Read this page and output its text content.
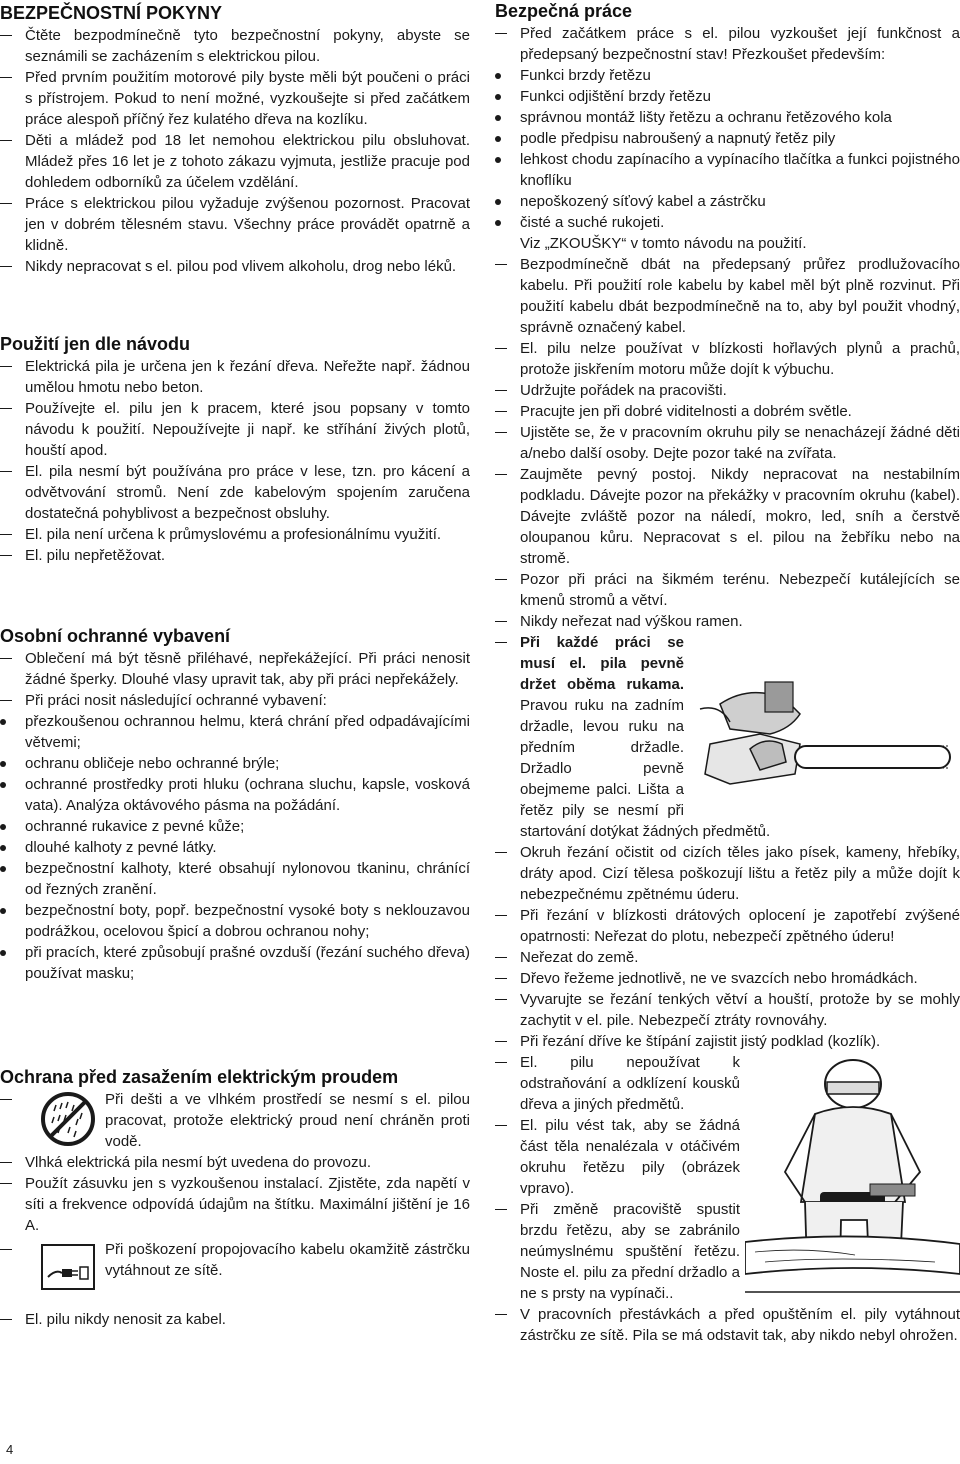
BEZPEČNOSTNÍ POKYNY
Čtěte bezpodmínečně tyto bezpečnostní pokyny, abyste se seznámili se zacházením s elektrickou pilou.
Před prvním použitím motorové pily byste měli být poučeni o práci s přístrojem. Pokud to není možné, vyzkoušejte si před začátkem práce alespoň příčný řez kulatého dřeva na kozlíku.
Děti a mládež pod 18 let nemohou elektrickou pilu obsluhovat. Mládež přes 16 let je z tohoto zákazu vyjmuta, jestliže pracuje pod dohledem odborníků za účelem vzdělání.
Práce s elektrickou pilou vyžaduje zvýšenou pozornost. Pracovat jen v dobrém tělesném stavu. Všechny práce provádět opatrně a klidně.
Nikdy nepracovat s el. pilou pod vlivem alkoholu, drog nebo léků.
Použití jen dle návodu
Elektrická pila je určena jen k řezání dřeva. Neřežte např. žádnou umělou hmotu nebo beton.
Používejte el. pilu jen k pracem, které jsou popsany v tomto návodu k použití. Nepoužívejte ji např. ke stříhání živých plotů, houští apod.
El. pila nesmí být používána pro práce v lese, tzn. pro kácení a odvětvování stromů. Není zde kabelovým spojením zaručena dostatečná pohyblivost a bezpečnost obsluhy.
El. pila není určena k průmyslovému a profesionálnímu využití.
El. pilu nepřetěžovat.
Osobní ochranné vybavení
Oblečení má být těsně přiléhavé, nepřekážející. Při práci nenosit žádné šperky. Dlouhé vlasy upravit tak, aby při práci nepřekážely.
Při práci nosit následující ochranné vybavení:
přezkoušenou ochrannou helmu, která chrání před odpadávajícími větvemi;
ochranu obličeje nebo ochranné brýle;
ochranné prostředky proti hluku (ochrana sluchu, kapsle, vosková vata). Analýza oktávového pásma na požádání.
ochranné rukavice z pevné kůže;
dlouhé kalhoty z pevné látky.
bezpečnostní kalhoty, které obsahují nylonovou tkaninu, chránící od řezných zranění.
bezpečnostní boty, popř. bezpečnostní vysoké boty s neklouzavou podrážkou, ocelovou špicí a dobrou ochranou nohy;
při pracích, které způsobují prašné ovzduší (řezání suchého dřeva) používat masku;
Ochrana před zasažením elektrickým proudem
Při dešti a ve vlhkém prostředí se nesmí s el. pilou pracovat, protože elektrický proud není chráněn proti vodě.
Vlhká elektrická pila nesmí být uvedena do provozu.
Použít zásuvku jen s vyzkoušenou instalací. Zjistěte, zda napětí v síti a frekvence odpovídá údajům na štítku. Maximální jištění je 16 A.
Při poškození propojovacího kabelu okamžitě zástrčku vytáhnout ze sítě.
El. pilu nikdy nenosit za kabel.
4
Bezpečná práce
Před začátkem práce s el. pilou vyzkoušet její funkčnost a předepsaný bezpečnostní stav! Přezkoušet především:
Funkci brzdy řetězu
Funkci odjištění brzdy řetězu
správnou montáž lišty řetězu a ochranu řetězového kola
podle předpisu nabroušený a napnutý řetěz pily
lehkost chodu zapínacího a vypínacího tlačítka a funkci pojistného knoflíku
nepoškozený síťový kabel a zástrčku
čisté a suché rukojeti.
Viz „ZKOUŠKY“ v tomto návodu na použití.
Bezpodmínečně dbát na předepsaný průřez prodlužovacího kabelu. Při použití role kabelu by kabel měl být plně rozvinut. Při použití kabelu dbát bezpodmínečně na to, aby byl použit vhodný, správně označený kabel.
El. pilu nelze používat v blízkosti hořlavých plynů a prachů, protože jiskřením motoru může dojít k výbuchu.
Udržujte pořádek na pracovišti.
Pracujte jen při dobré viditelnosti a dobrém světle.
Ujistěte se, že v pracovním okruhu pily se nenacházejí žádné děti a/nebo další osoby. Dejte pozor také na zvířata.
Zaujměte pevný postoj. Nikdy nepracovat na nestabilním podkladu. Dávejte pozor na překážky v pracovním okruhu (kabel). Dávejte zvláště pozor na náledí, mokro, led, sníh a čerstvě oloupanou kůru. Nepracovat s el. pilou na žebříku nebo na stromě.
Pozor při práci na šikmém terénu. Nebezpečí kutálejících se kmenů stromů a větví.
Nikdy neřezat nad výškou ramen.
Při každé práci se musí el. pila pevně držet oběma rukama. Pravou ruku na zadním držadle, levou ruku na předním držadle. Držadlo pevně obejmeme palci. Lišta a řetěz pily se nesmí při startování dotýkat žádných předmětů.
Okruh řezání očistit od cizích těles jako písek, kameny, hřebíky, dráty apod. Cizí tělesa poškozují lištu a řetěz pily a může dojít k nebezpečnému zpětnému úderu.
Při řezání v blízkosti drátových oplocení je zapotřebí zvýšené opatrnosti: Neřezat do plotu, nebezpečí zpětného úderu!
Neřezat do země.
Dřevo řežeme jednotlivě, ne ve svazcích nebo hromádkách.
Vyvarujte se řezání tenkých větví a houští, protože by se mohly zachytit v el. pile. Nebezpečí ztráty rovnováhy.
Při řezání dříve ke štípání zajistit jistý podklad (kozlík).
El. pilu nepoužívat k odstraňování a odklízení kousků dřeva a jiných předmětů.
El. pilu vést tak, aby se žádná část těla nenalézala v otáčivém okruhu řetězu pily (obrázek vpravo).
Při změně pracoviště spustit brzdu řetězu, aby se zabránilo neúmyslnému spuštění řetězu. Noste el. pilu za přední držadlo a ne s prsty na vypínači..
V pracovních přestávkách a před opuštěním el. pily vytáhnout zástrčku ze sítě. Pila se má odstavit tak, aby nikdo nebyl ohrožen.
